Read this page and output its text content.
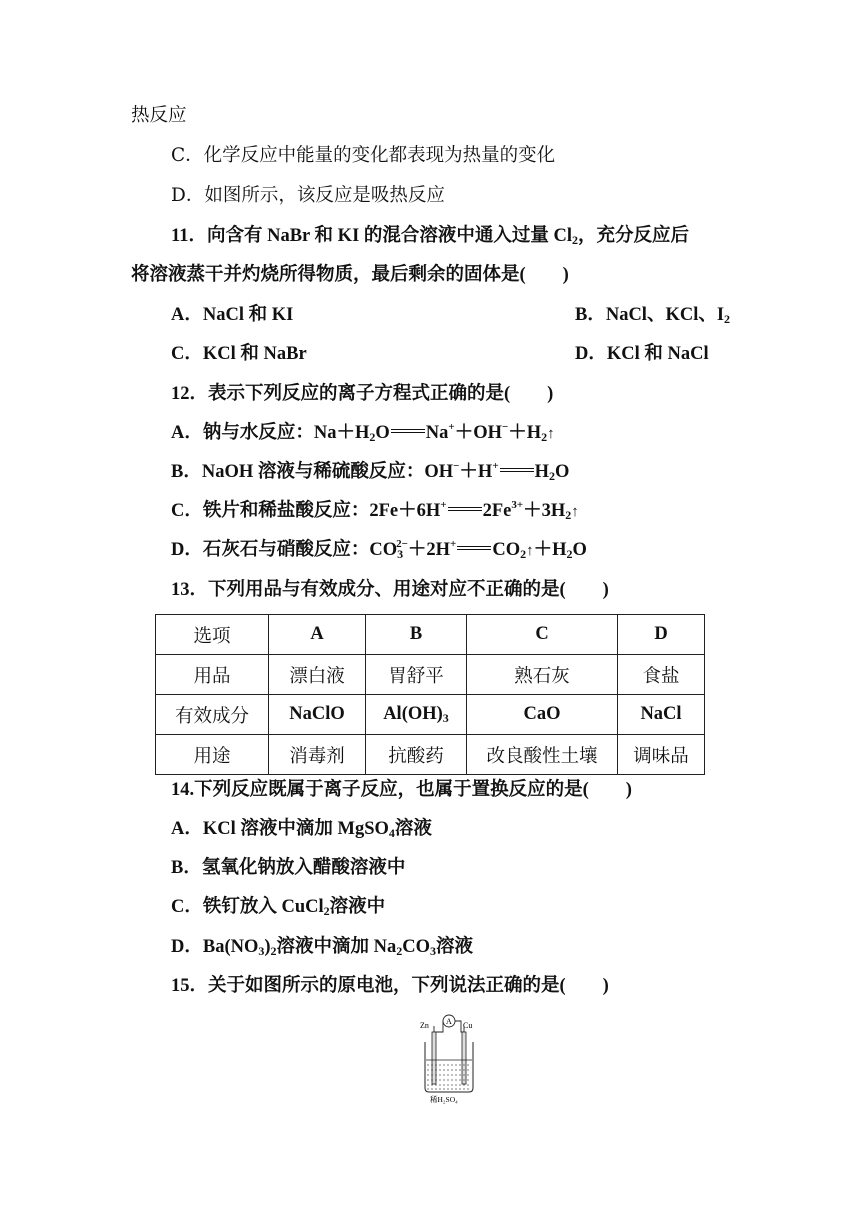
热反应
C．化学反应中能量的变化都表现为热量的变化
D．如图所示，该反应是吸热反应
11．向含有 NaBr 和 KI 的混合溶液中通入过量 $Cl_2$，充分反应后
将溶液蒸干并灼烧所得物质，最后剩余的固体是(　　)
A．NaCl 和 KI	B．NaCl、KCl、$I_2$
C．KCl 和 NaBr	D．KCl 和 NaCl
12．表示下列反应的离子方程式正确的是(　　)
A．钠与水反应：$Na+H_2O$ $Na^++OH^-+H_2↑$
B．NaOH 溶液与稀硫酸反应：OH−＋H+ $H_2O$
C．铁片和稀盐酸反应：2Fe＋6H+ $2Fe^{3+}+3H_2↑$
D．石灰石与硝酸反应：$CO_3^{2-}+2H^+$ $CO_2↑+H_2O$
13．下列用品与有效成分、用途对应不正确的是(　　)
选项	A	B	C	D
用品	漂白液	胃舒平	熟石灰	食盐
有效成分	NaClO	$Al(OH)_3$	CaO	NaCl
用途	消毒剂	抗酸药	改良酸性土壤	调味品
14.下列反应既属于离子反应，也属于置换反应的是(　　)
A．KCl 溶液中滴加 MgSO$_4$溶液
B．氢氧化钠放入醋酸溶液中
C．铁钉放入 CuCl$_2$溶液中
D．$Ba(NO_3)_2$溶液中滴加 $Na_2CO_3$溶液
15．关于如图所示的原电池，下列说法正确的是(　　)
Zn	Cu
A
稀H₂SO₄
